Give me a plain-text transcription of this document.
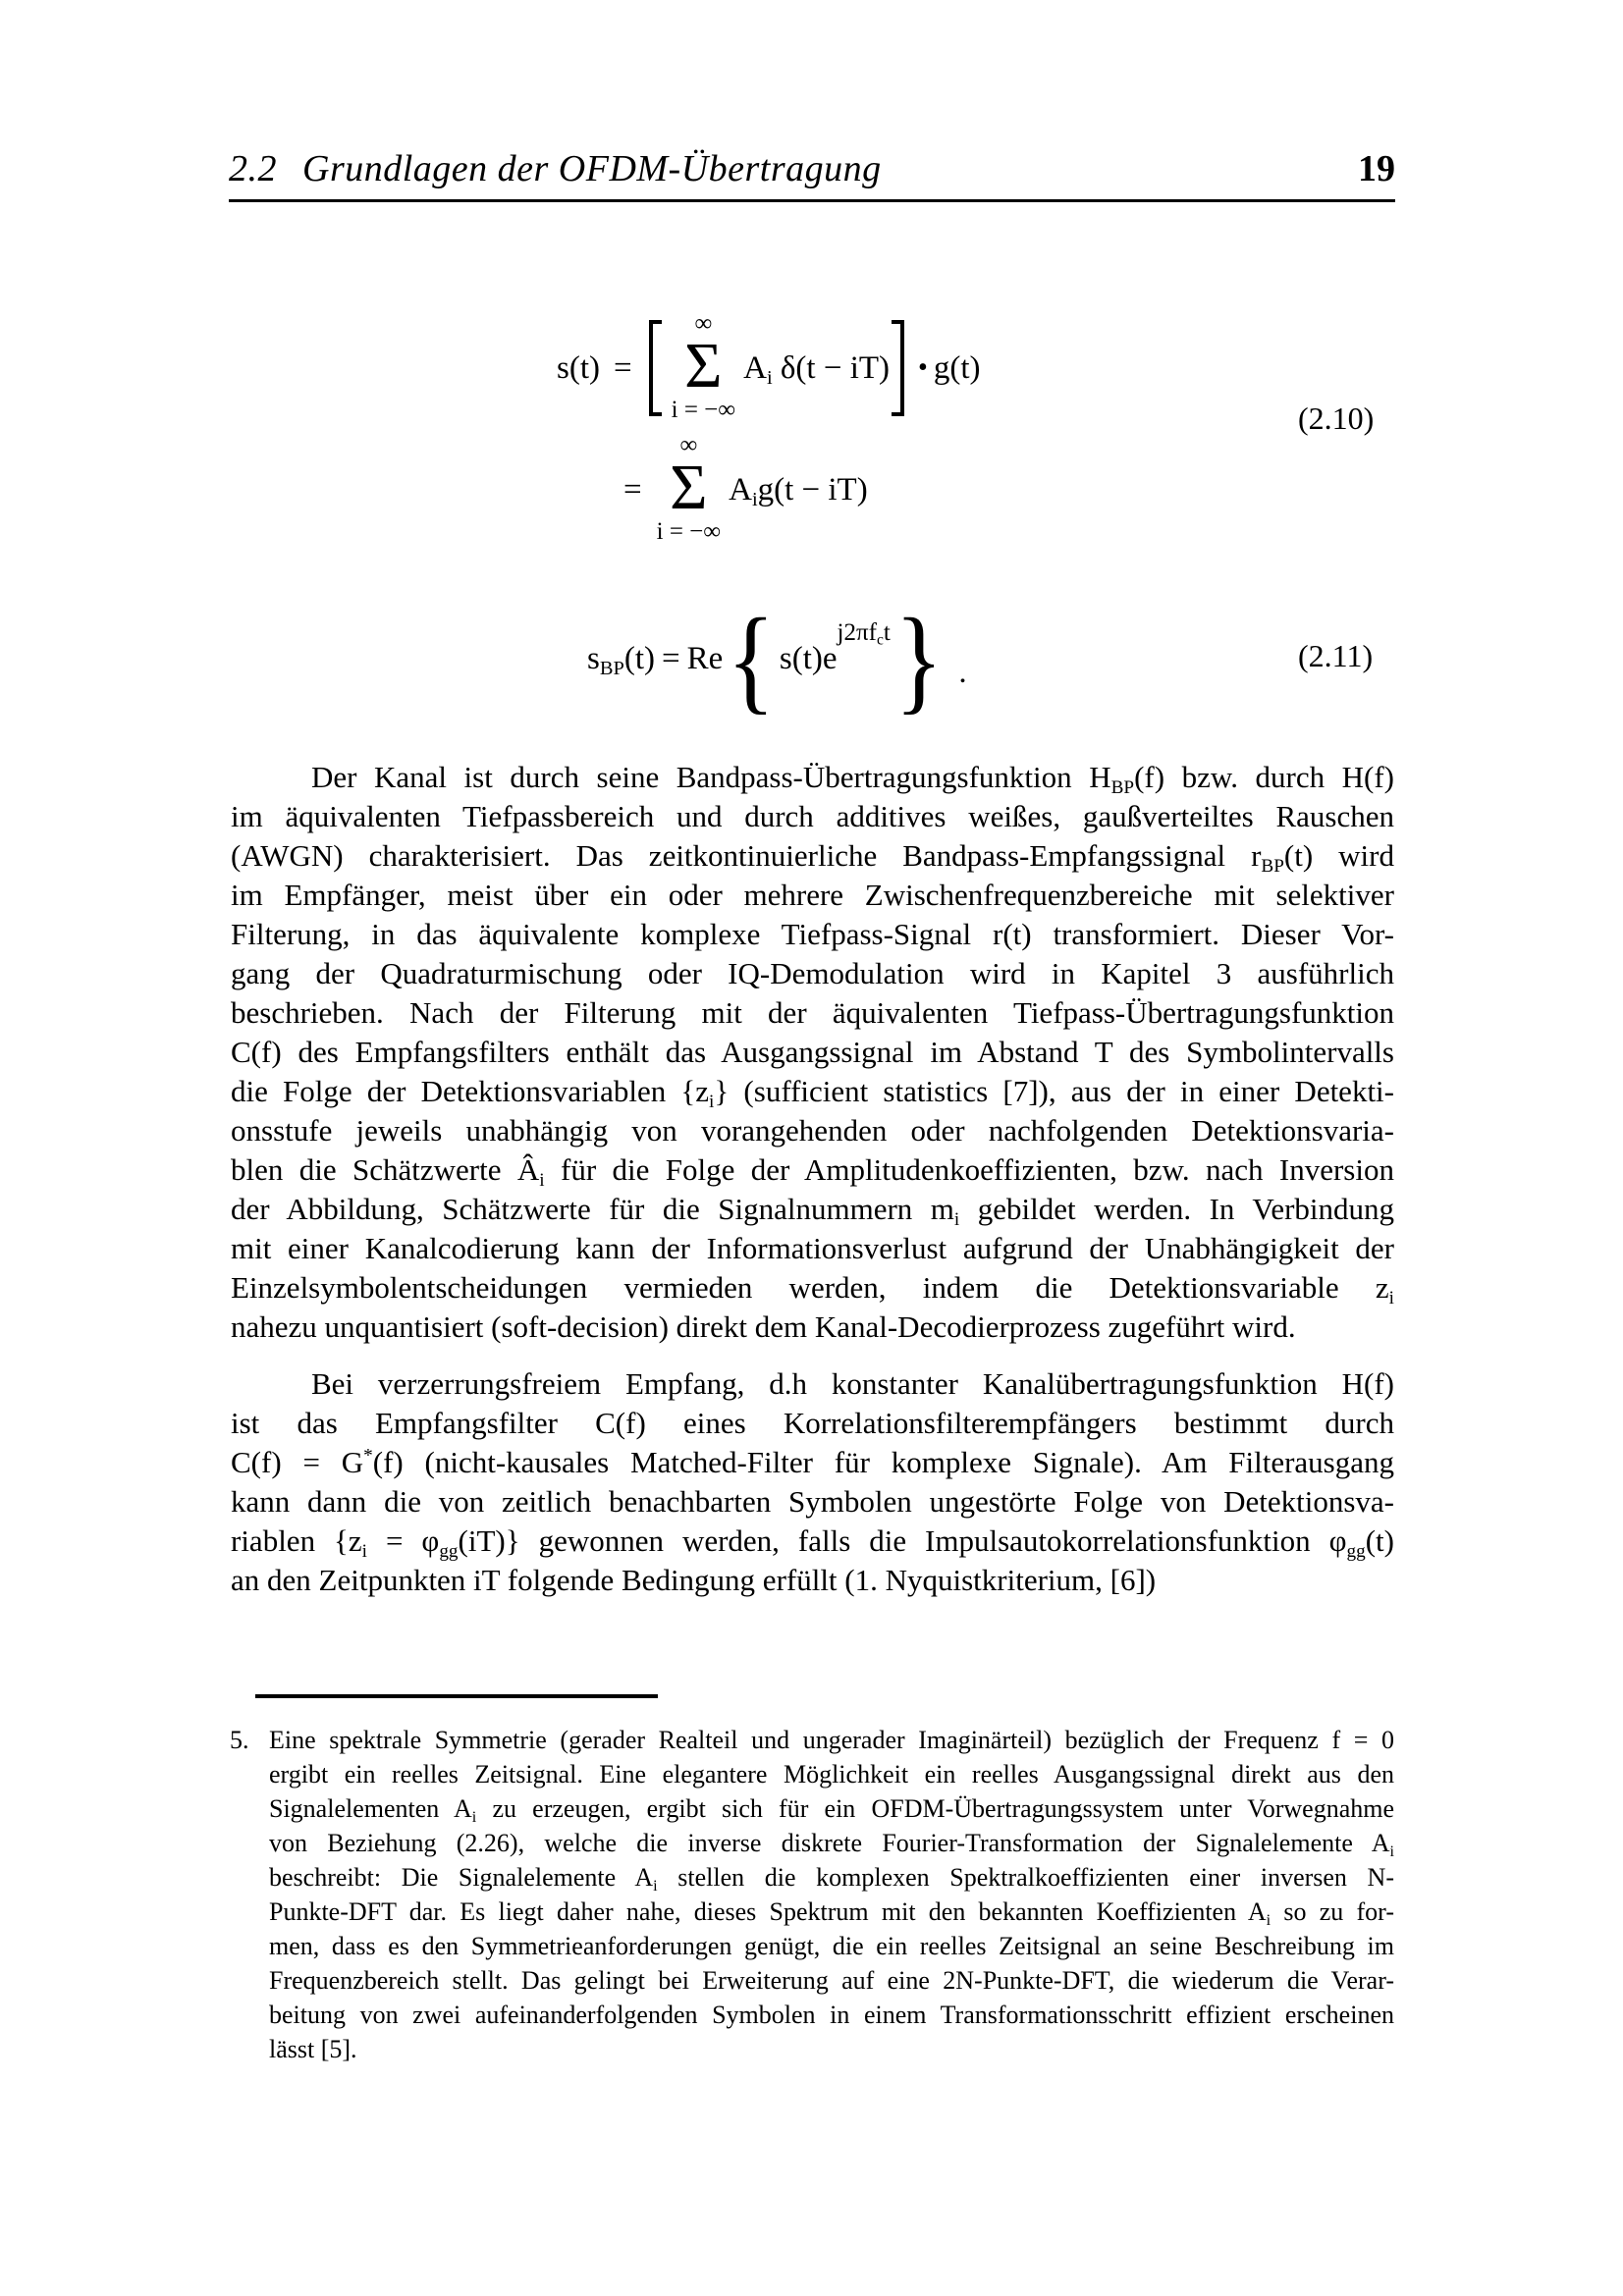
2.2 Grundlagen der OFDM-Übertragung	19
s(t) =
∞
Σ
i = −∞
$A_i$ δ(t − iT) • g(t)
=
∞
Σ
i = −∞
$A_ig(t - iT)$
(2.10)
$s_{BP}(t) = Re$ { s(t)e
$j2\pi f_ct$ } .	(2.11)
Der Kanal ist durch seine Bandpass-Übertragungsfunktion $H_{BP}(f)$ bzw. durch H(f)
im äquivalenten Tiefpassbereich und durch additives weißes, gaußverteiltes Rauschen
(AWGN) charakterisiert. Das zeitkontinuierliche Bandpass-Empfangssignal $r_{BP}(t)$ wird
im Empfänger, meist über ein oder mehrere Zwischenfrequenzbereiche mit selektiver
Filterung, in das äquivalente komplexe Tiefpass-Signal r(t) transformiert. Dieser Vor-
gang der Quadraturmischung oder IQ-Demodulation wird in Kapitel 3 ausführlich
beschrieben. Nach der Filterung mit der äquivalenten Tiefpass-Übertragungsfunktion
C(f) des Empfangsfilters enthält das Ausgangssignal im Abstand T des Symbolintervalls
die Folge der Detektionsvariablen $\{z_i\}$ (sufficient statistics [7]), aus der in einer Detekti-
onsstufe jeweils unabhängig von vorangehenden oder nachfolgenden Detektionsvaria-
blen die Schätzwerte $Â_i$ für die Folge der Amplitudenkoeffizienten, bzw. nach Inversion
der Abbildung, Schätzwerte für die Signalnummern $m_i$ gebildet werden. In Verbindung
mit einer Kanalcodierung kann der Informationsverlust aufgrund der Unabhängigkeit der
Einzelsymbolentscheidungen vermieden werden, indem die Detektionsvariable $z_i$
nahezu unquantisiert (soft-decision) direkt dem Kanal-Decodierprozess zugeführt wird.
Bei verzerrungsfreiem Empfang, d.h konstanter Kanalübertragungsfunktion H(f)
ist das Empfangsfilter C(f) eines Korrelationsfilterempfängers bestimmt durch
C(f) = G*(f) (nicht-kausales Matched-Filter für komplexe Signale). Am Filterausgang
kann dann die von zeitlich benachbarten Symbolen ungestörte Folge von Detektionsva-
riablen $\{z_i = \varphi_{gg}(iT)\}$ gewonnen werden, falls die Impulsautokorrelationsfunktion $\varphi_{gg}(t)$
an den Zeitpunkten iT folgende Bedingung erfüllt (1. Nyquistkriterium, [6])
5. Eine spektrale Symmetrie (gerader Realteil und ungerader Imaginärteil) bezüglich der Frequenz f = 0
ergibt ein reelles Zeitsignal. Eine elegantere Möglichkeit ein reelles Ausgangssignal direkt aus den
Signalelementen $A_i$ zu erzeugen, ergibt sich für ein OFDM-Übertragungssystem unter Vorwegnahme
von Beziehung (2.26), welche die inverse diskrete Fourier-Transformation der Signalelemente $A_i$
beschreibt: Die Signalelemente $A_i$ stellen die komplexen Spektralkoeffizienten einer inversen N-
Punkte-DFT dar. Es liegt daher nahe, dieses Spektrum mit den bekannten Koeffizienten $A_i$ so zu for-
men, dass es den Symmetrieanforderungen genügt, die ein reelles Zeitsignal an seine Beschreibung im
Frequenzbereich stellt. Das gelingt bei Erweiterung auf eine 2N-Punkte-DFT, die wiederum die Verar-
beitung von zwei aufeinanderfolgenden Symbolen in einem Transformationsschritt effizient erscheinen
lässt [5].
